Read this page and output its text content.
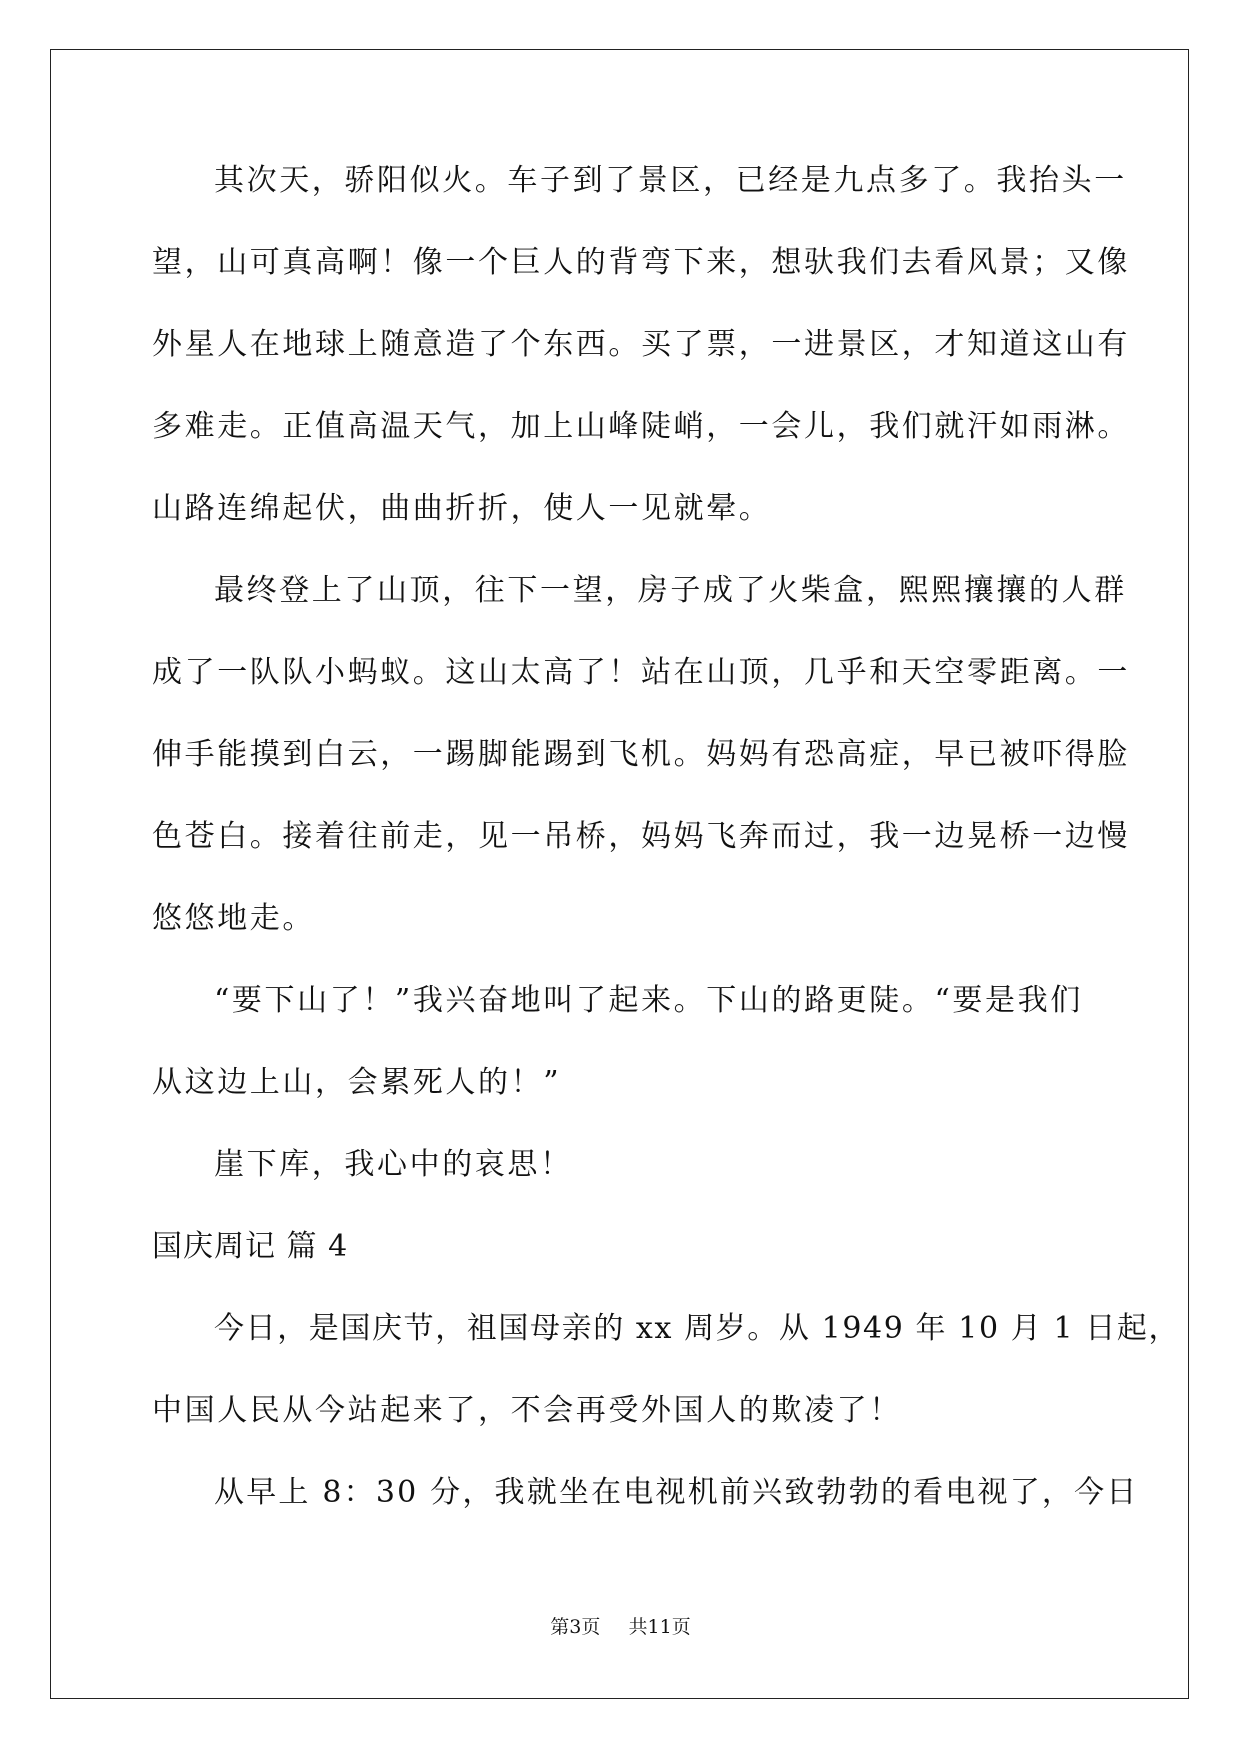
其次天，骄阳似火。车子到了景区，已经是九点多了。我抬头一
望，山可真高啊！像一个巨人的背弯下来，想驮我们去看风景；又像
外星人在地球上随意造了个东西。买了票，一进景区，才知道这山有
多难走。正值高温天气，加上山峰陡峭，一会儿，我们就汗如雨淋。
山路连绵起伏，曲曲折折，使人一见就晕。
最终登上了山顶，往下一望，房子成了火柴盒，熙熙攘攘的人群
成了一队队小蚂蚁。这山太高了！站在山顶，几乎和天空零距离。一
伸手能摸到白云，一踢脚能踢到飞机。妈妈有恐高症，早已被吓得脸
色苍白。接着往前走，见一吊桥，妈妈飞奔而过，我一边晃桥一边慢
悠悠地走。
“要下山了！”我兴奋地叫了起来。下山的路更陡。“要是我们
从这边上山，会累死人的！”
崖下库，我心中的哀思！
国庆周记 篇 4
今日，是国庆节，祖国母亲的 xx 周岁。从 1949 年 10 月 1 日起，
中国人民从今站起来了，不会再受外国人的欺凌了！
从早上 8：30 分，我就坐在电视机前兴致勃勃的看电视了，今日
第3页 共11页
